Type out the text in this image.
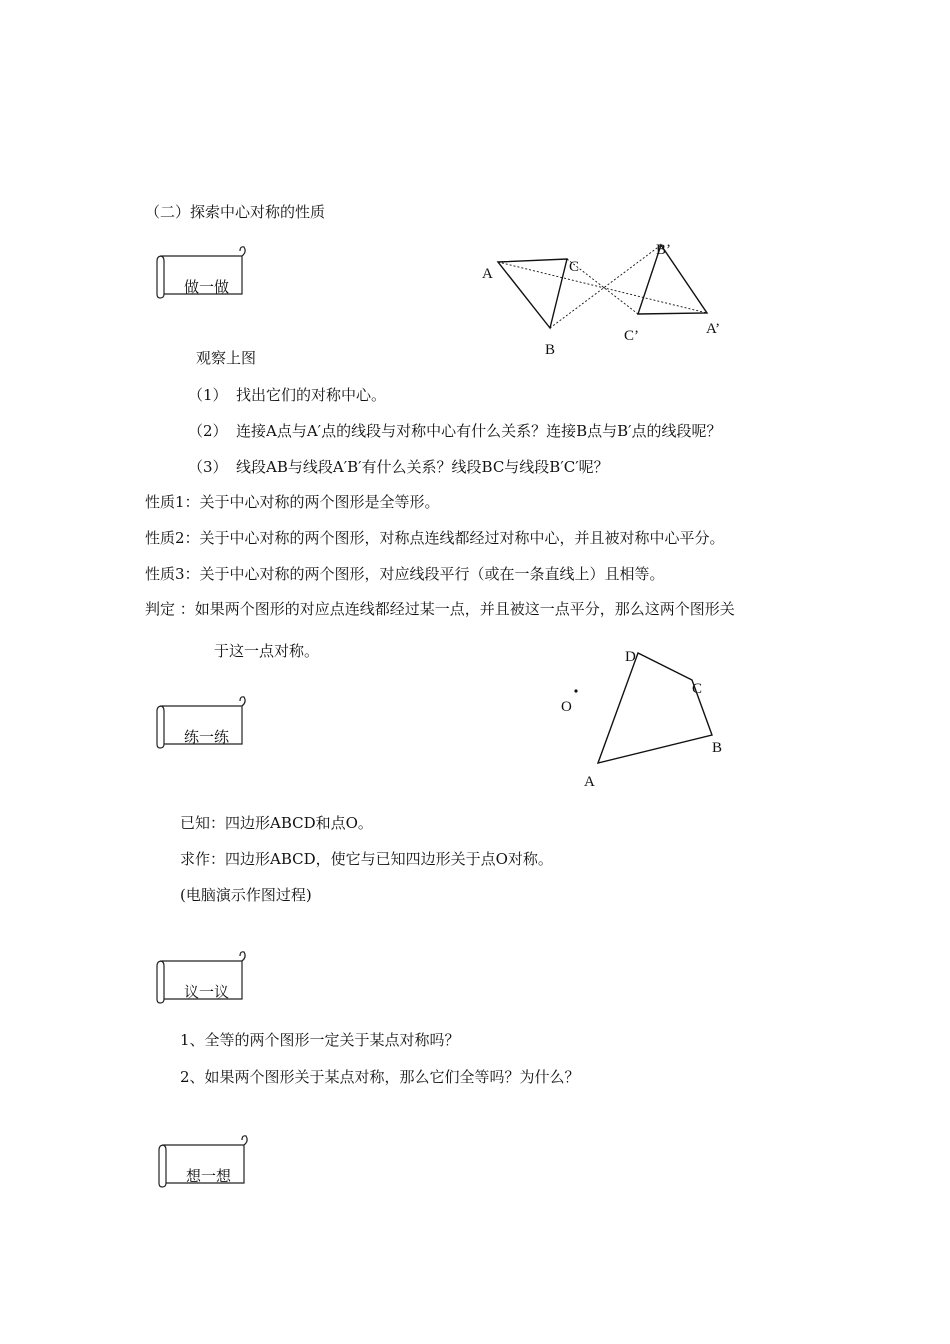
（二）探索中心对称的性质
做一做
A
B
C
A’
B’
C’
观察上图
（1） 找出它们的对称中心。
（2） 连接A点与A′点的线段与对称中心有什么关系？连接B点与B′点的线段呢？
（3） 线段AB与线段A′B′有什么关系？线段BC与线段B′C′呢？
性质1：关于中心对称的两个图形是全等形。
性质2：关于中心对称的两个图形，对称点连线都经过对称中心，并且被对称中心平分。
性质3：关于中心对称的两个图形，对应线段平行（或在一条直线上）且相等。
判定 ：如果两个图形的对应点连线都经过某一点，并且被这一点平分，那么这两个图形关
于这一点对称。
A
B
C
D
O
练一练
已知：四边形ABCD和点O。
求作：四边形ABCD，使它与已知四边形关于点O对称。
(电脑演示作图过程)
议一议
1、全等的两个图形一定关于某点对称吗？
2、如果两个图形关于某点对称，那么它们全等吗？为什么？
想一想
